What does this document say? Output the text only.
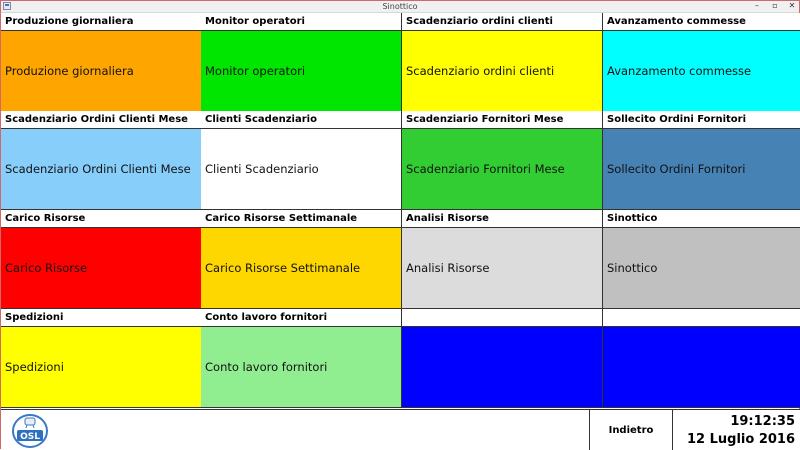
Sinottico	–	▫	✕
Produzione giornaliera
Produzione giornaliera
Monitor operatori
Monitor operatori
Scadenziario ordini clienti
Scadenziario ordini clienti
Avanzamento commesse
Avanzamento commesse
Scadenziario Ordini Clienti Mese
Scadenziario Ordini Clienti Mese
Clienti Scadenziario
Clienti Scadenziario
Scadenziario Fornitori Mese
Scadenziario Fornitori Mese
Sollecito Ordini Fornitori
Sollecito Ordini Fornitori
Carico Risorse
Carico Risorse
Carico Risorse Settimanale
Carico Risorse Settimanale
Analisi Risorse
Analisi Risorse
Sinottico
Sinottico
Spedizioni
Spedizioni
Conto lavoro fornitori
Conto lavoro fornitori
OSL
Indietro
19:12:35
12 Luglio 2016
